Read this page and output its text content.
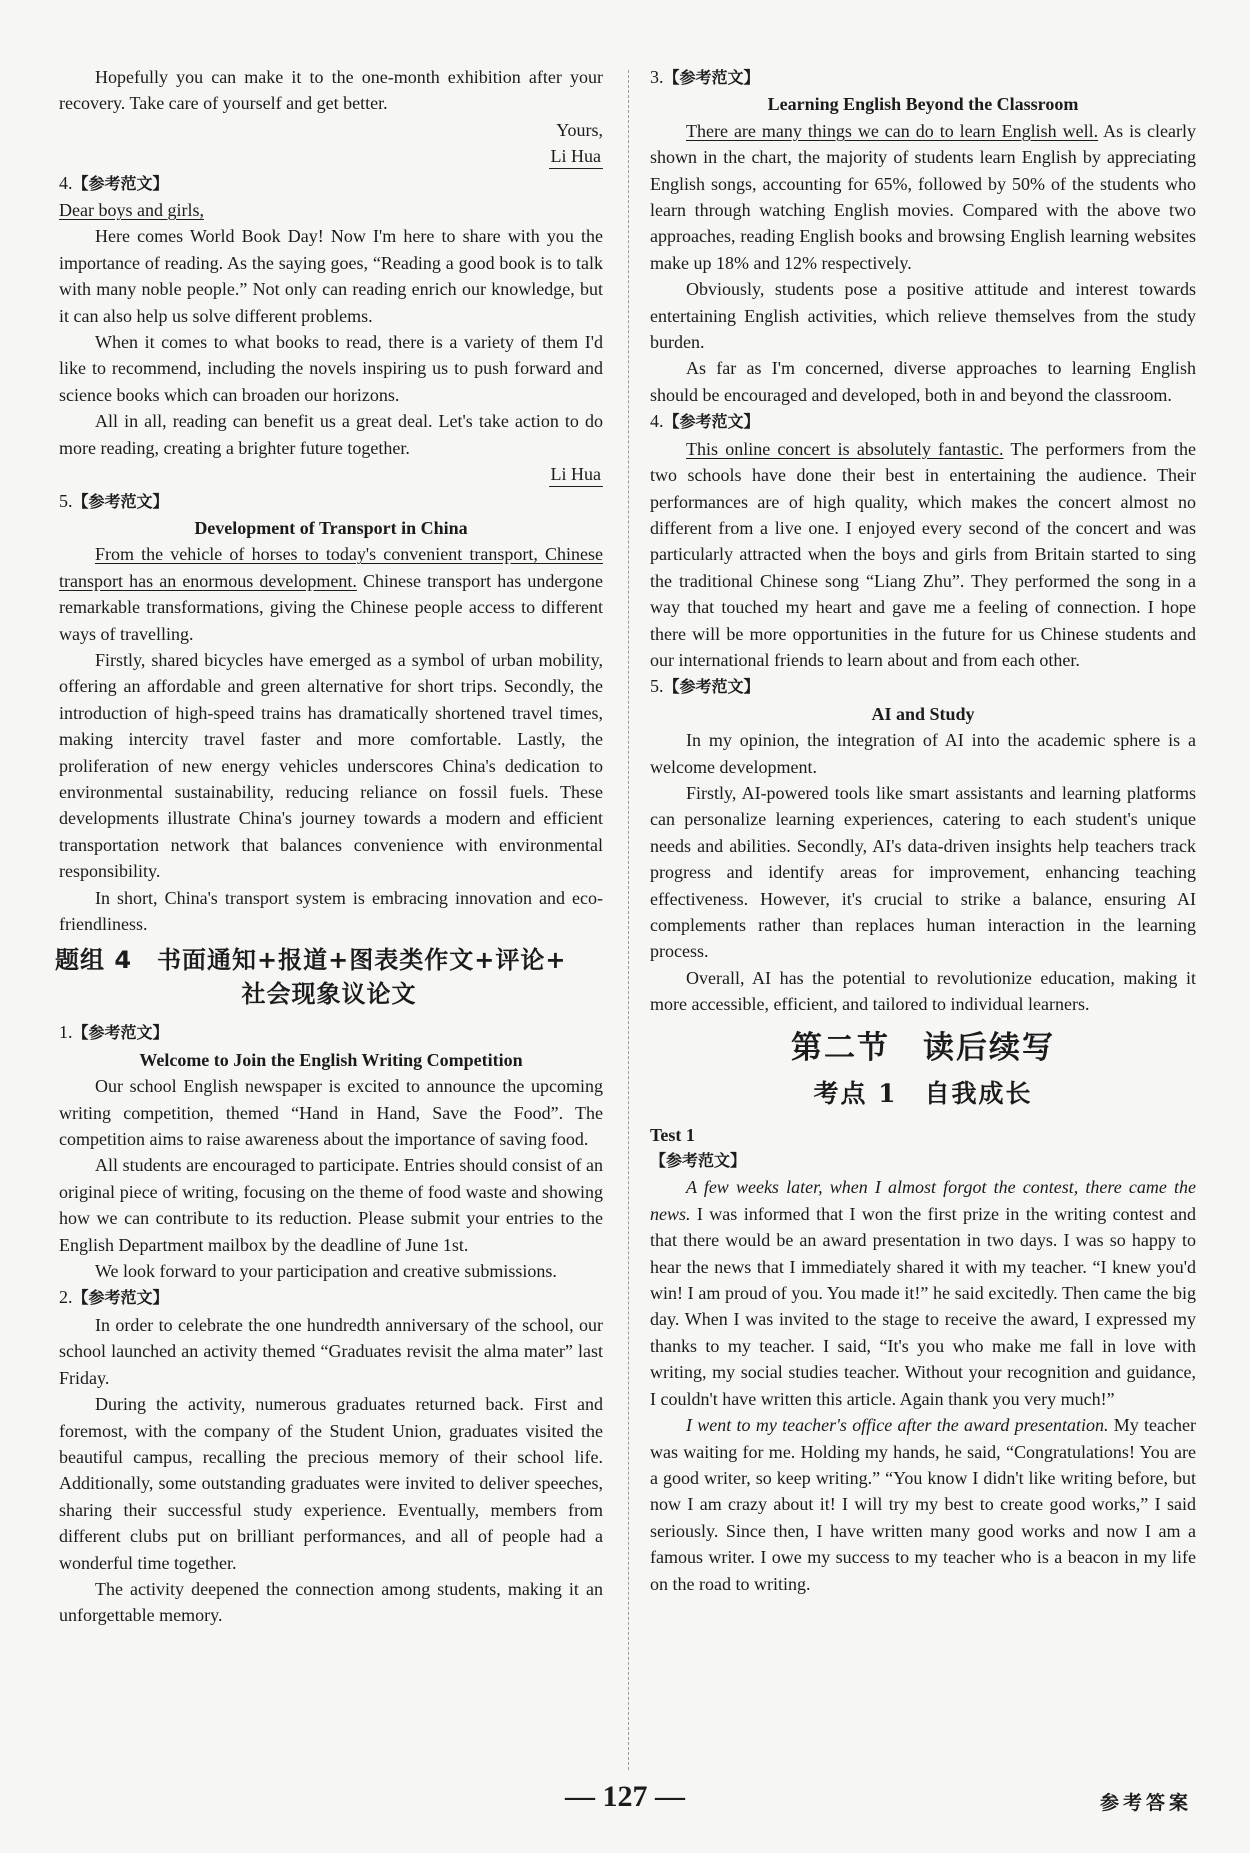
Hopefully you can make it to the one-month exhibition after your recovery. Take care of yourself and get better.

Yours,

Li Hua

4.【参考范文】

Dear boys and girls,

Here comes World Book Day! Now I'm here to share with you the importance of reading. As the saying goes, “Reading a good book is to talk with many noble people.” Not only can reading enrich our knowledge, but it can also help us solve different problems.

When it comes to what books to read, there is a variety of them I'd like to recommend, including the novels inspiring us to push forward and science books which can broaden our horizons.

All in all, reading can benefit us a great deal. Let's take action to do more reading, creating a brighter future together.

Li Hua

5.【参考范文】

Development of Transport in China

From the vehicle of horses to today's convenient transport, Chinese transport has an enormous development. Chinese transport has undergone remarkable transformations, giving the Chinese people access to different ways of travelling.

Firstly, shared bicycles have emerged as a symbol of urban mobility, offering an affordable and green alternative for short trips. Secondly, the introduction of high-speed trains has dramatically shortened travel times, making intercity travel faster and more comfortable. Lastly, the proliferation of new energy vehicles underscores China's dedication to environmental sustainability, reducing reliance on fossil fuels. These developments illustrate China's journey towards a modern and efficient transportation network that balances convenience with environmental responsibility.

In short, China's transport system is embracing innovation and eco-friendliness.

题组 4　书面通知+报道+图表类作文+评论+
社会现象议论文

1.【参考范文】

Welcome to Join the English Writing Competition

Our school English newspaper is excited to announce the upcoming writing competition, themed “Hand in Hand, Save the Food”. The competition aims to raise awareness about the importance of saving food.

All students are encouraged to participate. Entries should consist of an original piece of writing, focusing on the theme of food waste and showing how we can contribute to its reduction. Please submit your entries to the English Department mailbox by the deadline of June 1st.

We look forward to your participation and creative submissions.

2.【参考范文】

In order to celebrate the one hundredth anniversary of the school, our school launched an activity themed “Graduates revisit the alma mater” last Friday.

During the activity, numerous graduates returned back. First and foremost, with the company of the Student Union, graduates visited the beautiful campus, recalling the precious memory of their school life. Additionally, some outstanding graduates were invited to deliver speeches, sharing their successful study experience. Eventually, members from different clubs put on brilliant performances, and all of people had a wonderful time together.

The activity deepened the connection among students, making it an unforgettable memory.

3.【参考范文】

Learning English Beyond the Classroom

There are many things we can do to learn English well. As is clearly shown in the chart, the majority of students learn English by appreciating English songs, accounting for 65%, followed by 50% of the students who learn through watching English movies. Compared with the above two approaches, reading English books and browsing English learning websites make up 18% and 12% respectively.

Obviously, students pose a positive attitude and interest towards entertaining English activities, which relieve themselves from the study burden.

As far as I'm concerned, diverse approaches to learning English should be encouraged and developed, both in and beyond the classroom.

4.【参考范文】

This online concert is absolutely fantastic. The performers from the two schools have done their best in entertaining the audience. Their performances are of high quality, which makes the concert almost no different from a live one. I enjoyed every second of the concert and was particularly attracted when the boys and girls from Britain started to sing the traditional Chinese song “Liang Zhu”. They performed the song in a way that touched my heart and gave me a feeling of connection. I hope there will be more opportunities in the future for us Chinese students and our international friends to learn about and from each other.

5.【参考范文】

AI and Study

In my opinion, the integration of AI into the academic sphere is a welcome development.

Firstly, AI-powered tools like smart assistants and learning platforms can personalize learning experiences, catering to each student's unique needs and abilities. Secondly, AI's data-driven insights help teachers track progress and identify areas for improvement, enhancing teaching effectiveness. However, it's crucial to strike a balance, ensuring AI complements rather than replaces human interaction in the learning process.

Overall, AI has the potential to revolutionize education, making it more accessible, efficient, and tailored to individual learners.

第二节　读后续写
考点 1　自我成长

Test 1

【参考范文】

A few weeks later, when I almost forgot the contest, there came the news. I was informed that I won the first prize in the writing contest and that there would be an award presentation in two days. I was so happy to hear the news that I immediately shared it with my teacher. “I knew you'd win! I am proud of you. You made it!” he said excitedly. Then came the big day. When I was invited to the stage to receive the award, I expressed my thanks to my teacher. I said, “It's you who make me fall in love with writing, my social studies teacher. Without your recognition and guidance, I couldn't have written this article. Again thank you very much!”

I went to my teacher's office after the award presentation. My teacher was waiting for me. Holding my hands, he said, “Congratulations! You are a good writer, so keep writing.” “You know I didn't like writing before, but now I am crazy about it! I will try my best to create good works,” I said seriously. Since then, I have written many good works and now I am a famous writer. I owe my success to my teacher who is a beacon in my life on the road to writing.

— 127 —	参考答案
